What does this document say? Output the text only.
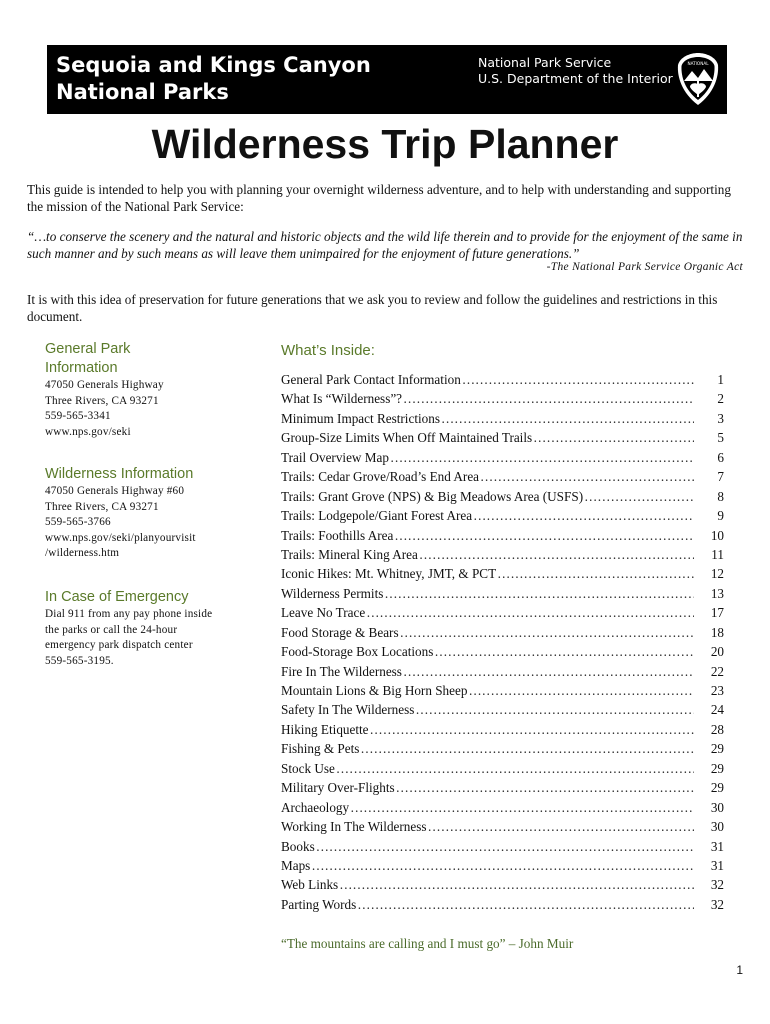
Sequoia and Kings Canyon
National Parks
National Park Service
U.S. Department of the Interior
NATIONAL
Wilderness Trip Planner

This guide is intended to help you with planning your overnight wilderness adventure, and to help with understanding and supporting the mission of the National Park Service:

“…to conserve the scenery and the natural and historic objects and the wild life therein and to provide for the enjoyment of the same in such manner and by such means as will leave them unimpaired for the enjoyment of future generations.”

-The National Park Service Organic Act

It is with this idea of preservation for future generations that we ask you to review and follow the guidelines and restrictions in this document.

General Park
Information
47050 Generals Highway
Three Rivers, CA 93271
559-565-3341
www.nps.gov/seki
Wilderness Information
47050 Generals Highway #60
Three Rivers, CA 93271
559-565-3766
www.nps.gov/seki/planyourvisit
/wilderness.htm
In Case of Emergency
Dial 911 from any pay phone inside
the parks or call the 24-hour
emergency park dispatch center
559-565-3195.
What’s Inside:
General Park Contact Information …………………………………………………………………………………………………………………………………………	1
What Is “Wilderness”? …………………………………………………………………………………………………………………………………………	2
Minimum Impact Restrictions …………………………………………………………………………………………………………………………………………	3
Group-Size Limits When Off Maintained Trails …………………………………………………………………………………………………………………………………………	5
Trail Overview Map …………………………………………………………………………………………………………………………………………	6
Trails: Cedar Grove/Road’s End Area …………………………………………………………………………………………………………………………………………	7
Trails: Grant Grove (NPS) & Big Meadows Area (USFS) …………………………………………………………………………………………………………………………………………	8
Trails: Lodgepole/Giant Forest Area …………………………………………………………………………………………………………………………………………	9
Trails: Foothills Area …………………………………………………………………………………………………………………………………………	10
Trails: Mineral King Area …………………………………………………………………………………………………………………………………………	11
Iconic Hikes: Mt. Whitney, JMT, & PCT …………………………………………………………………………………………………………………………………………	12
Wilderness Permits …………………………………………………………………………………………………………………………………………	13
Leave No Trace …………………………………………………………………………………………………………………………………………	17
Food Storage & Bears …………………………………………………………………………………………………………………………………………	18
Food-Storage Box Locations …………………………………………………………………………………………………………………………………………	20
Fire In The Wilderness …………………………………………………………………………………………………………………………………………	22
Mountain Lions & Big Horn Sheep …………………………………………………………………………………………………………………………………………	23
Safety In The Wilderness …………………………………………………………………………………………………………………………………………	24
Hiking Etiquette …………………………………………………………………………………………………………………………………………	28
Fishing & Pets …………………………………………………………………………………………………………………………………………	29
Stock Use …………………………………………………………………………………………………………………………………………	29
Military Over-Flights …………………………………………………………………………………………………………………………………………	29
Archaeology …………………………………………………………………………………………………………………………………………	30
Working In The Wilderness …………………………………………………………………………………………………………………………………………	30
Books …………………………………………………………………………………………………………………………………………	31
Maps …………………………………………………………………………………………………………………………………………	31
Web Links …………………………………………………………………………………………………………………………………………	32
Parting Words …………………………………………………………………………………………………………………………………………	32
“The mountains are calling and I must go” – John Muir
1
